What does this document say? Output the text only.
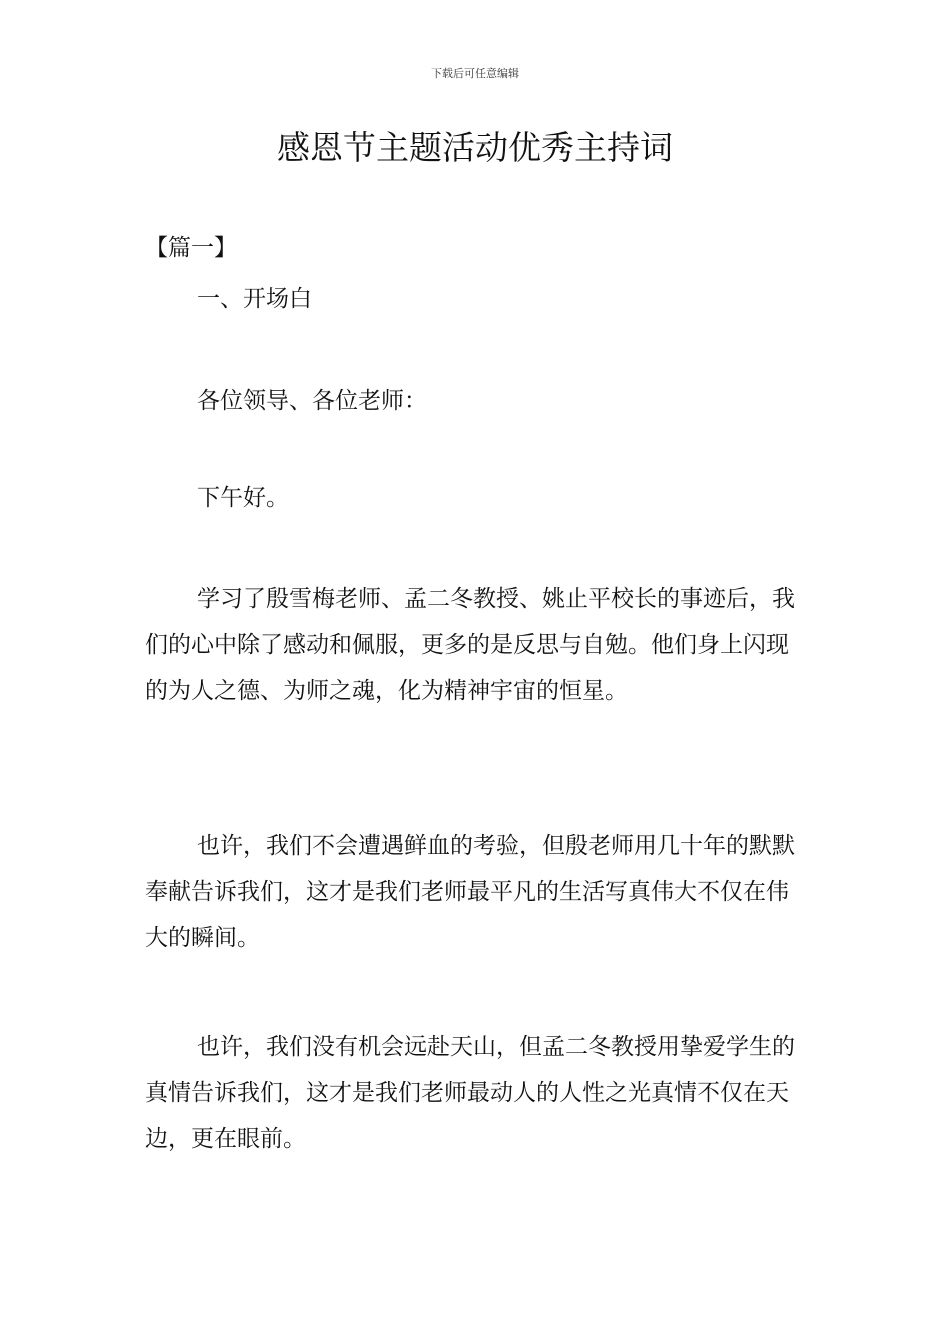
下载后可任意编辑
感恩节主题活动优秀主持词
【篇一】

一、开场白

各位领导、各位老师：

下午好。

学习了殷雪梅老师、孟二冬教授、姚止平校长的事迹后，我们的心中除了感动和佩服，更多的是反思与自勉。他们身上闪现的为人之德、为师之魂，化为精神宇宙的恒星。

也许，我们不会遭遇鲜血的考验，但殷老师用几十年的默默奉献告诉我们，这才是我们老师最平凡的生活写真伟大不仅在伟大的瞬间。

也许，我们没有机会远赴天山，但孟二冬教授用挚爱学生的真情告诉我们，这才是我们老师最动人的人性之光真情不仅在天边，更在眼前。
